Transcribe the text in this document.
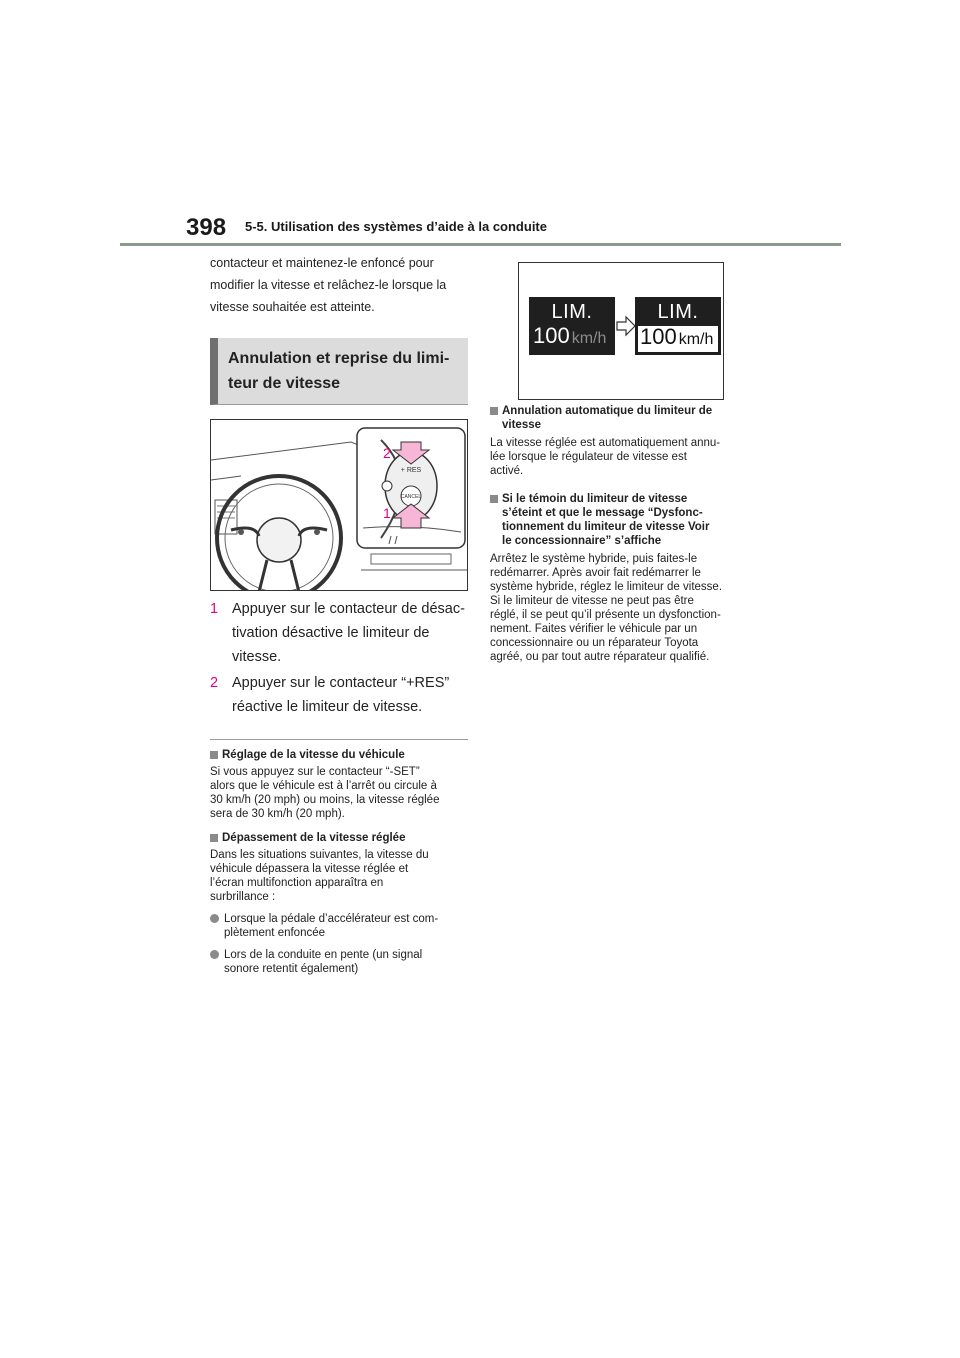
398 5-5. Utilisation des systèmes d’aide à la conduite

contacteur et maintenez-le enfoncé pour
modifier la vitesse et relâchez-le lorsque la
vitesse souhaitée est atteinte.

Annulation et reprise du limi-
teur de vitesse
+ RES
CANCEL
2
1
1 Appuyer sur le contacteur de désac-
tivation désactive le limiteur de
vitesse.
2 Appuyer sur le contacteur “+RES”
réactive le limiteur de vitesse.
Réglage de la vitesse du véhicule
Si vous appuyez sur le contacteur “-SET”
alors que le véhicule est à l’arrêt ou circule à
30 km/h (20 mph) ou moins, la vitesse réglée
sera de 30 km/h (20 mph).
Dépassement de la vitesse réglée
Dans les situations suivantes, la vitesse du
véhicule dépassera la vitesse réglée et
l’écran multifonction apparaîtra en
surbrillance :
Lorsque la pédale d’accélérateur est com-
plètement enfoncée
Lors de la conduite en pente (un signal
sonore retentit également)
LIM.
100 km/h
LIM.
100 km/h
Annulation automatique du limiteur de
vitesse
La vitesse réglée est automatiquement annu-
lée lorsque le régulateur de vitesse est
activé.
Si le témoin du limiteur de vitesse
s’éteint et que le message “Dysfonc-
tionnement du limiteur de vitesse Voir
le concessionnaire” s’affiche
Arrêtez le système hybride, puis faites-le
redémarrer. Après avoir fait redémarrer le
système hybride, réglez le limiteur de vitesse.
Si le limiteur de vitesse ne peut pas être
réglé, il se peut qu’il présente un dysfonction-
nement. Faites vérifier le véhicule par un
concessionnaire ou un réparateur Toyota
agréé, ou par tout autre réparateur qualifié.
